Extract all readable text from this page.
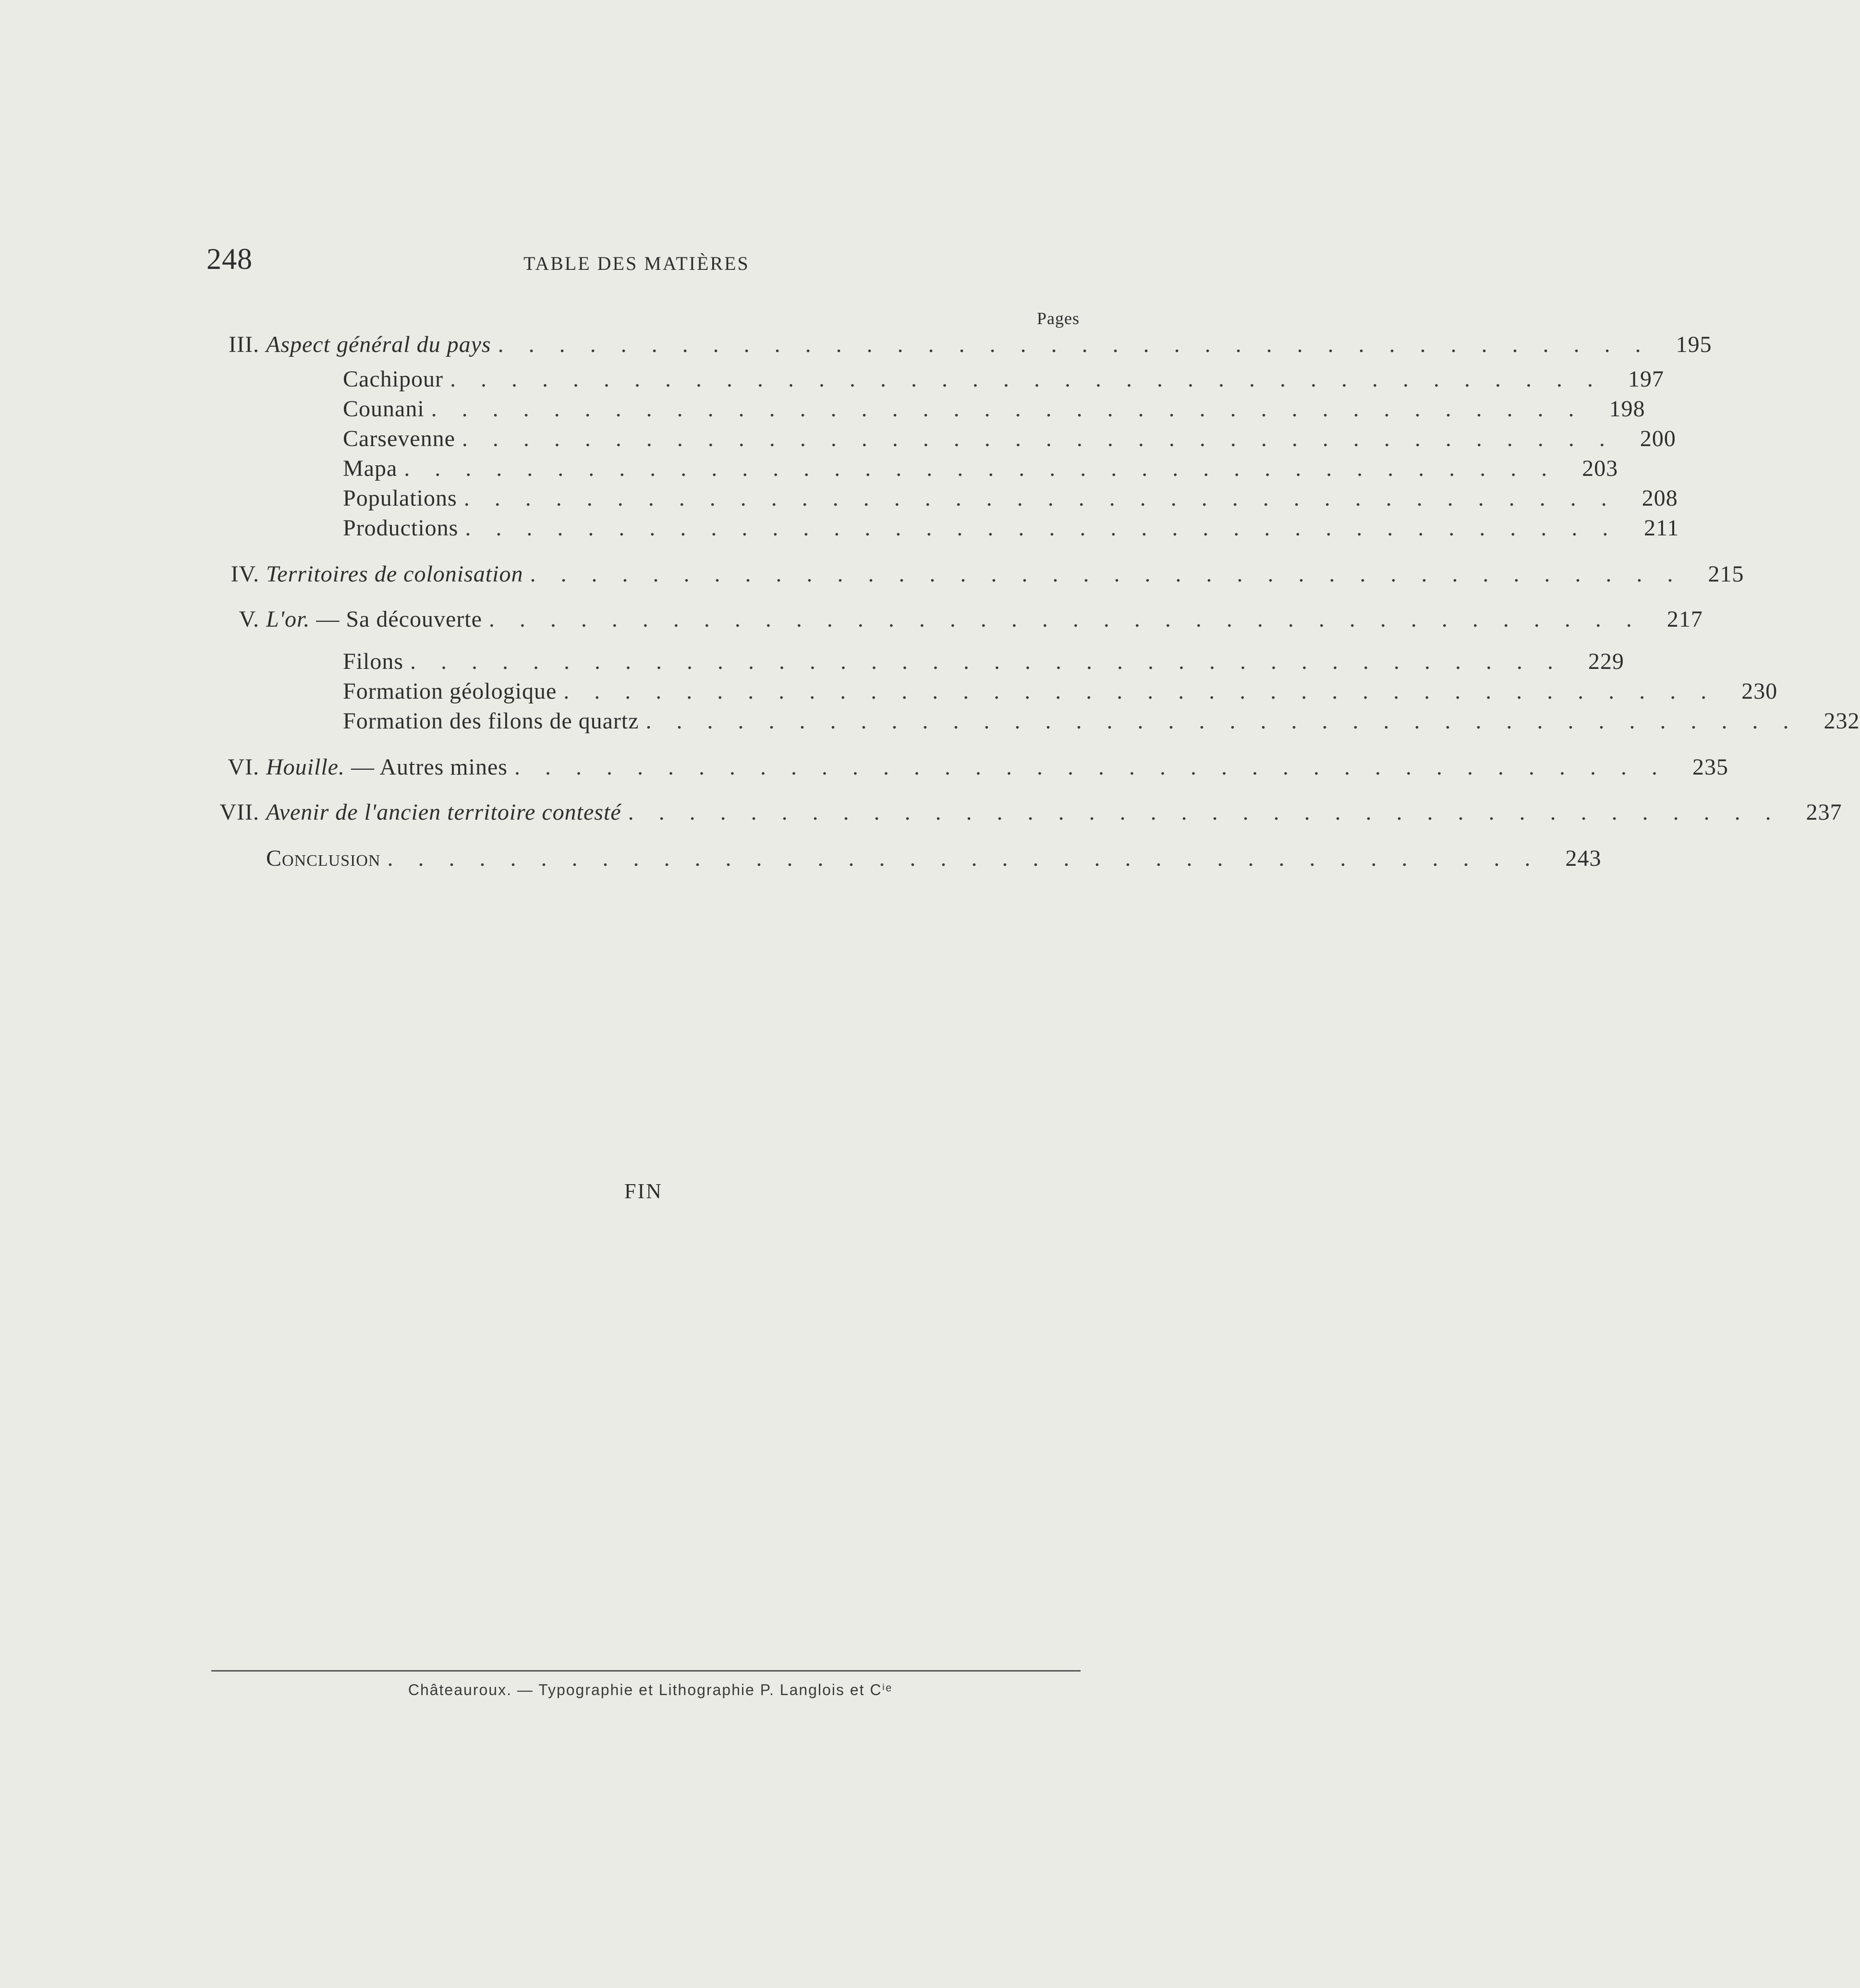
248	TABLE DES MATIÈRES
Pages
III. Aspect général du pays . . . . . . . . . . . . . . . . . . . . . . . . . . . . . . . . . . . . . .	195
Cachipour . . . . . . . . . . . . . . . . . . . . . . . . . . . . . . . . . . . . . .	197
Counani . . . . . . . . . . . . . . . . . . . . . . . . . . . . . . . . . . . . . .	198
Carsevenne . . . . . . . . . . . . . . . . . . . . . . . . . . . . . . . . . . . . . .	200
Mapa . . . . . . . . . . . . . . . . . . . . . . . . . . . . . . . . . . . . . .	203
Populations . . . . . . . . . . . . . . . . . . . . . . . . . . . . . . . . . . . . . .	208
Productions . . . . . . . . . . . . . . . . . . . . . . . . . . . . . . . . . . . . . .	211
IV. Territoires de colonisation . . . . . . . . . . . . . . . . . . . . . . . . . . . . . . . . . . . . . .	215
V. L'or. — Sa découverte . . . . . . . . . . . . . . . . . . . . . . . . . . . . . . . . . . . . . .	217
Filons . . . . . . . . . . . . . . . . . . . . . . . . . . . . . . . . . . . . . .	229
Formation géologique . . . . . . . . . . . . . . . . . . . . . . . . . . . . . . . . . . . . . .	230
Formation des filons de quartz . . . . . . . . . . . . . . . . . . . . . . . . . . . . . . . . . . . . . .	232
VI. Houille. — Autres mines . . . . . . . . . . . . . . . . . . . . . . . . . . . . . . . . . . . . . .	235
VII. Avenir de l'ancien territoire contesté . . . . . . . . . . . . . . . . . . . . . . . . . . . . . . . . . . . . . .	237
Conclusion . . . . . . . . . . . . . . . . . . . . . . . . . . . . . . . . . . . . . .	243
FIN
Châteauroux. — Typographie et Lithographie P. Langlois et Cⁱᵉ
